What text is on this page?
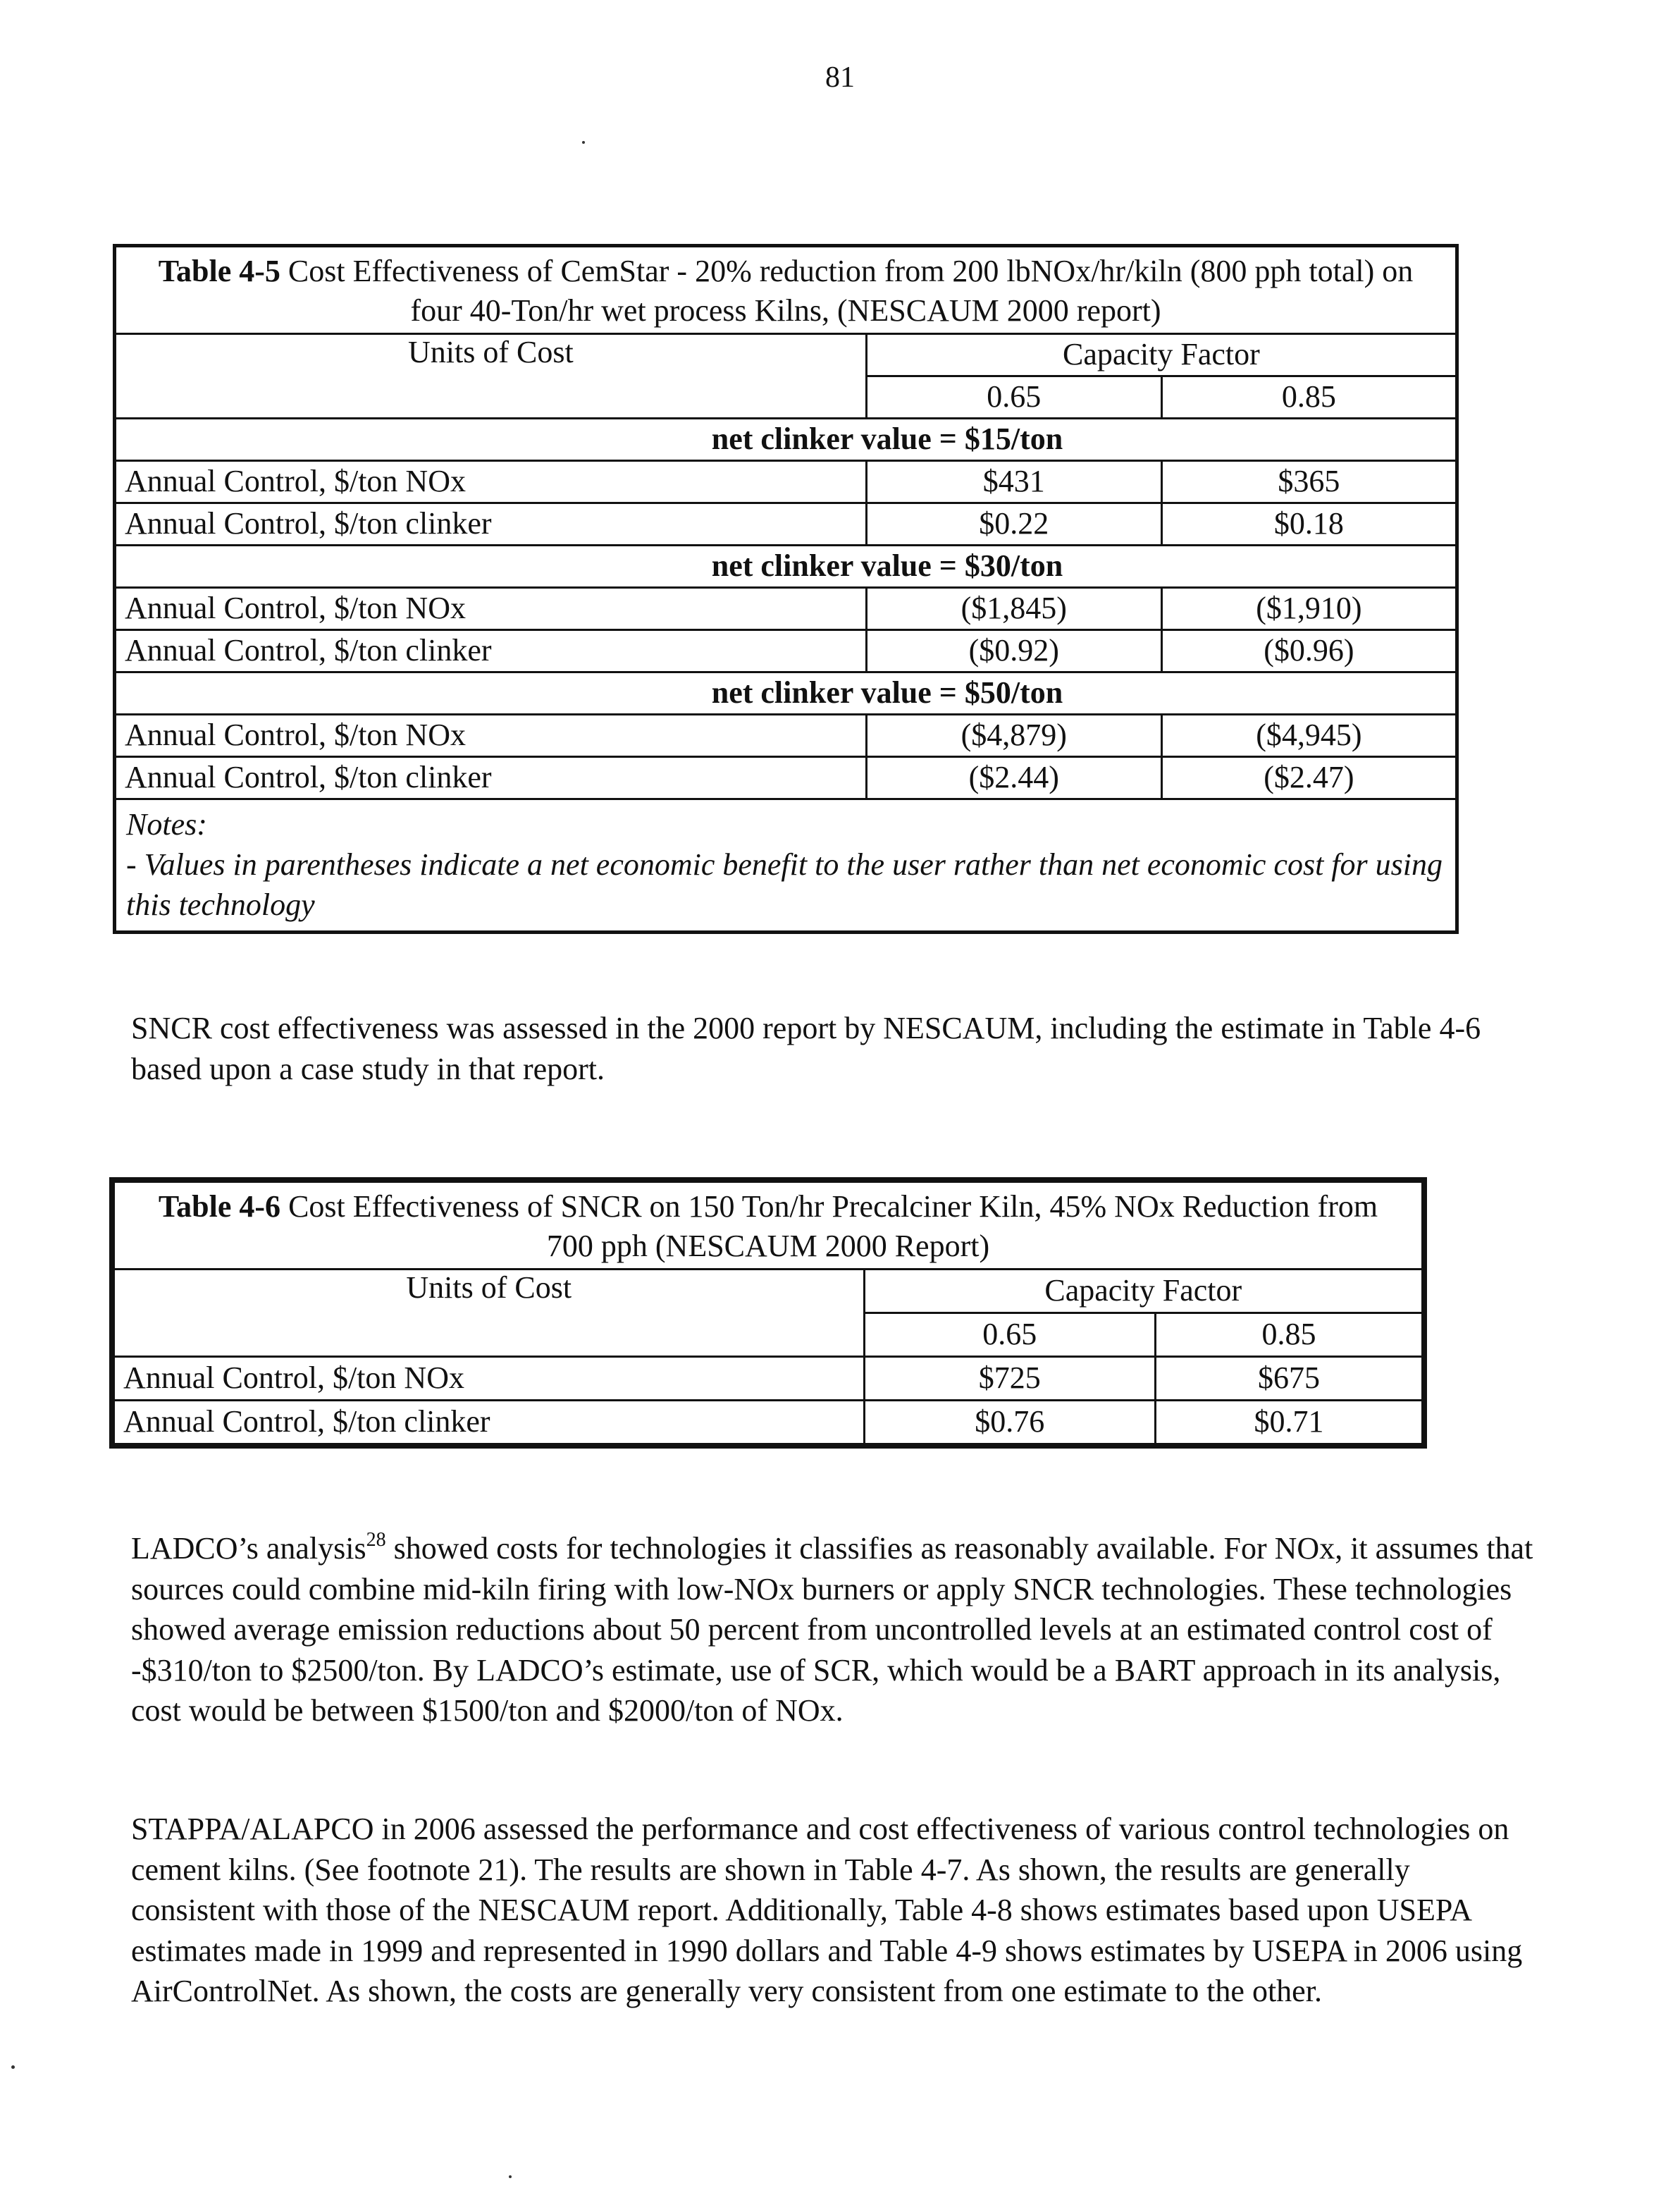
81
Table 4-5 Cost Effectiveness of CemStar - 20% reduction from 200 lbNOx/hr/kiln (800 pph total) on four 40-Ton/hr wet process Kilns, (NESCAUM 2000 report)		
Units of Cost	Capacity Factor	
	0.65	0.85
net clinker value = $15/ton		
Annual Control, $/ton NOx	$431	$365
Annual Control, $/ton clinker	$0.22	$0.18
net clinker value = $30/ton		
Annual Control, $/ton NOx	($1,845)	($1,910)
Annual Control, $/ton clinker	($0.92)	($0.96)
net clinker value = $50/ton		
Annual Control, $/ton NOx	($4,879)	($4,945)
Annual Control, $/ton clinker	($2.44)	($2.47)

Notes:
- Values in parentheses indicate a net economic benefit to the user rather than net economic cost for using this technology		

SNCR cost effectiveness was assessed in the 2000 report by NESCAUM, including the estimate in Table 4-6 based upon a case study in that report.

Table 4-6 Cost Effectiveness of SNCR on 150 Ton/hr Precalciner Kiln, 45% NOx Reduction from 700 pph (NESCAUM 2000 Report)		
Units of Cost	Capacity Factor	
	0.65	0.85
Annual Control, $/ton NOx	$725	$675
Annual Control, $/ton clinker	$0.76	$0.71

LADCO’s analysis$^{28}$ showed costs for technologies it classifies as reasonably available. For NOx, it assumes that sources could combine mid-kiln firing with low-NOx burners or apply SNCR technologies. These technologies showed average emission reductions about 50 percent from uncontrolled levels at an estimated control cost of -$310/ton to $2500/ton. By LADCO’s estimate, use of SCR, which would be a BART approach in its analysis, cost would be between $1500/ton and $2000/ton of NOx.

STAPPA/ALAPCO in 2006 assessed the performance and cost effectiveness of various control technologies on cement kilns. (See footnote 21). The results are shown in Table 4-7. As shown, the results are generally consistent with those of the NESCAUM report. Additionally, Table 4-8 shows estimates based upon USEPA estimates made in 1999 and represented in 1990 dollars and Table 4-9 shows estimates by USEPA in 2006 using AirControlNet. As shown, the costs are generally very consistent from one estimate to the other.
